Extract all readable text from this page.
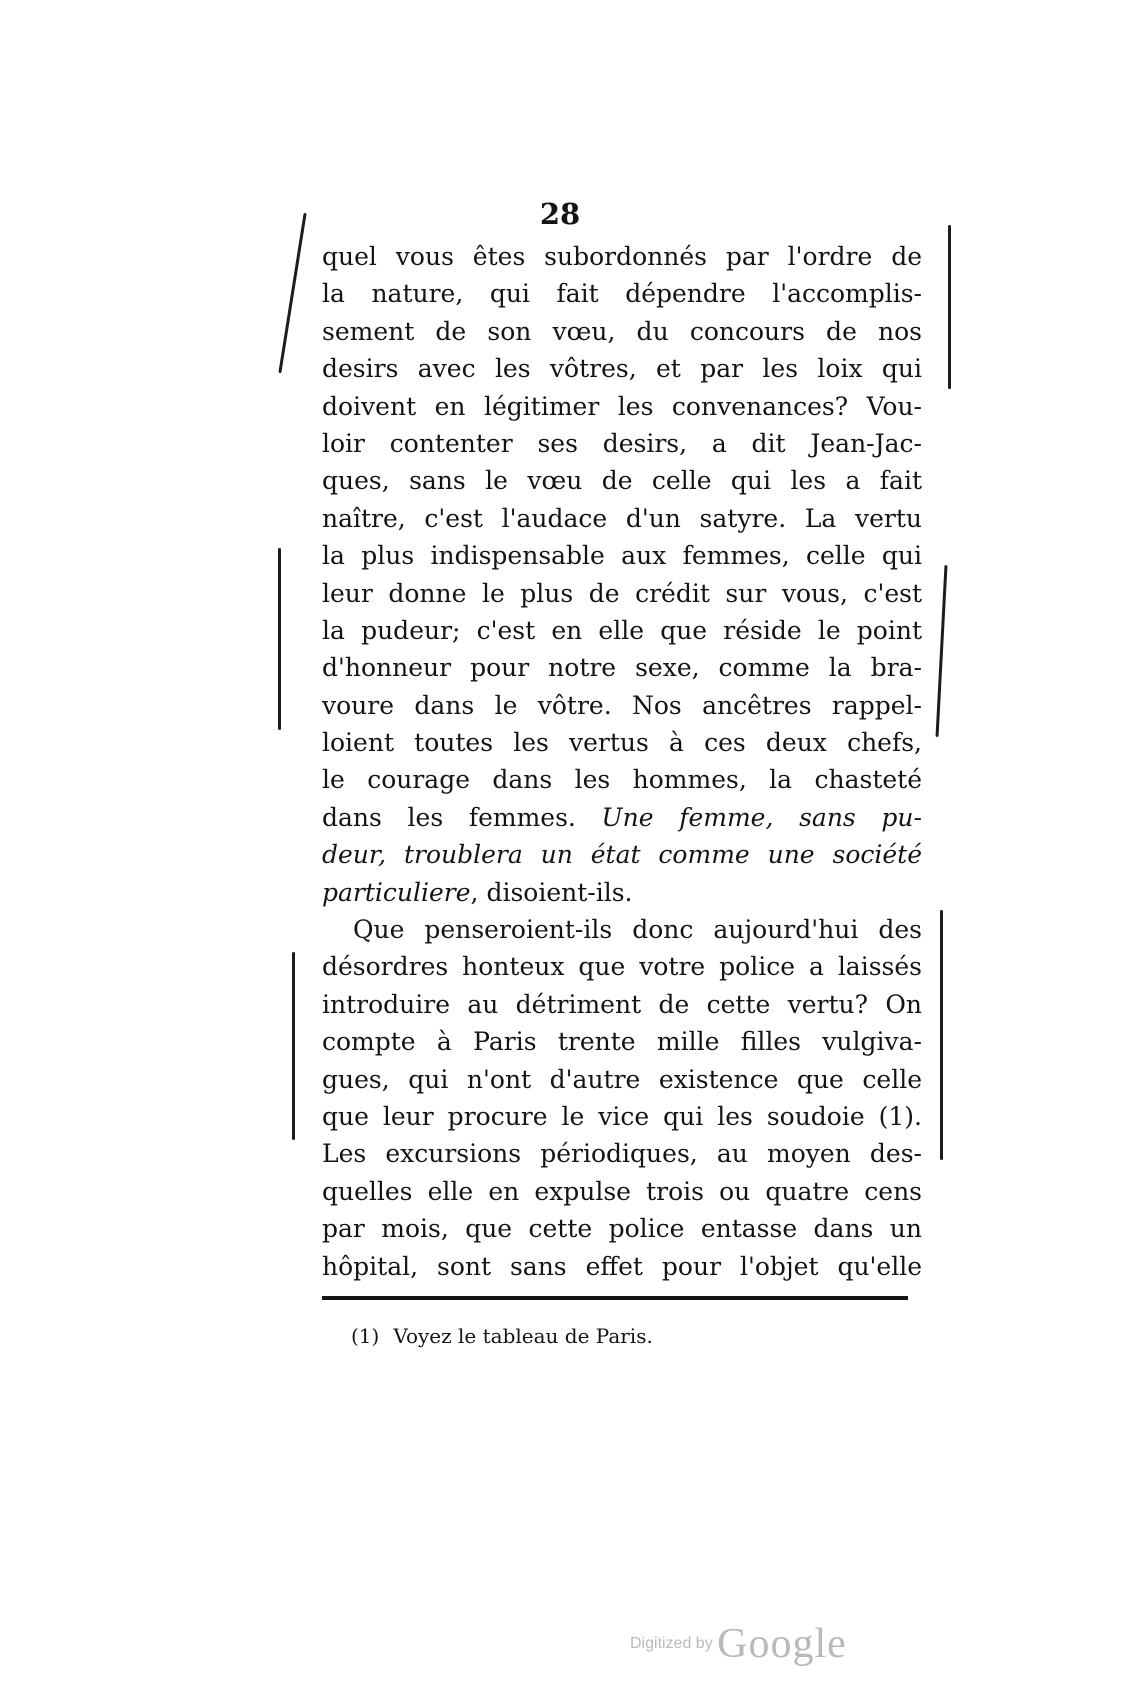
28
quel vous êtes subordonnés par l'ordre de
la nature, qui fait dépendre l'accomplis-
sement de son vœu, du concours de nos
desirs avec les vôtres, et par les loix qui
doivent en légitimer les convenances? Vou-
loir contenter ses desirs, a dit Jean-Jac-
ques, sans le vœu de celle qui les a fait
naître, c'est l'audace d'un satyre. La vertu
la plus indispensable aux femmes, celle qui
leur donne le plus de crédit sur vous, c'est
la pudeur; c'est en elle que réside le point
d'honneur pour notre sexe, comme la bra-
voure dans le vôtre. Nos ancêtres rappel-
loient toutes les vertus à ces deux chefs,
le courage dans les hommes, la chasteté
dans les femmes. Une femme, sans pu-
deur, troublera un état comme une société
particuliere, disoient-ils.
Que penseroient-ils donc aujourd'hui des
désordres honteux que votre police a laissés
introduire au détriment de cette vertu? On
compte à Paris trente mille filles vulgiva-
gues, qui n'ont d'autre existence que celle
que leur procure le vice qui les soudoie (1).
Les excursions périodiques, au moyen des-
quelles elle en expulse trois ou quatre cens
par mois, que cette police entasse dans un
hôpital, sont sans effet pour l'objet qu'elle
(1) Voyez le tableau de Paris.
Digitized by Google
